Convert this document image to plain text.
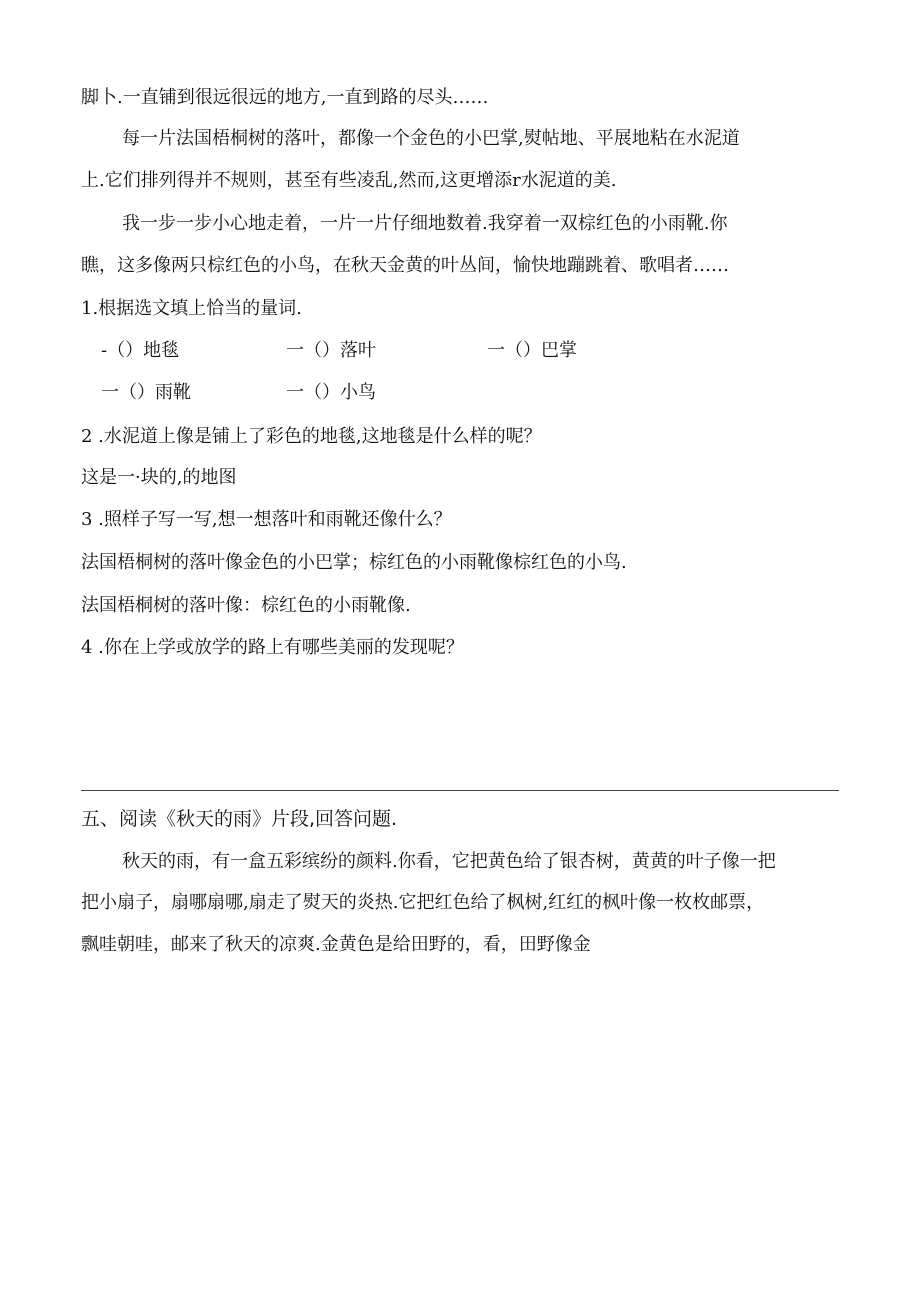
脚卜.一直铺到很远很远的地方,一直到路的尽头……

每一片法国梧桐树的落叶，都像一个金色的小巴掌,熨帖地、平展地粘在水泥道

上.它们排列得并不规则，甚至有些凌乱,然而,这更增添r水泥道的美.

我一步一步小心地走着，一片一片仔细地数着.我穿着一双棕红色的小雨靴.你

瞧，这多像两只棕红色的小鸟，在秋天金黄的叶丛间，愉快地蹦跳着、歌唱者……

1.根据选文填上恰当的量词.

-（）地毯	一（）落叶	一（）巴掌

一（）雨靴	一（）小鸟

2 .水泥道上像是铺上了彩色的地毯,这地毯是什么样的呢？

这是一·块的,的地图

3 .照样子写一写,想一想落叶和雨靴还像什么？

法国梧桐树的落叶像金色的小巴掌；棕红色的小雨靴像棕红色的小鸟.

法国梧桐树的落叶像：棕红色的小雨靴像.

4 .你在上学或放学的路上有哪些美丽的发现呢？

五、阅读《秋天的雨》片段,回答问题.

秋天的雨，有一盒五彩缤纷的颜料.你看，它把黄色给了银杏树，黄黄的叶子像一把

把小扇子，扇哪扇哪,扇走了熨天的炎热.它把红色给了枫树,红红的枫叶像一枚枚邮票，

飘哇朝哇，邮来了秋天的凉爽.金黄色是给田野的，看，田野像金
